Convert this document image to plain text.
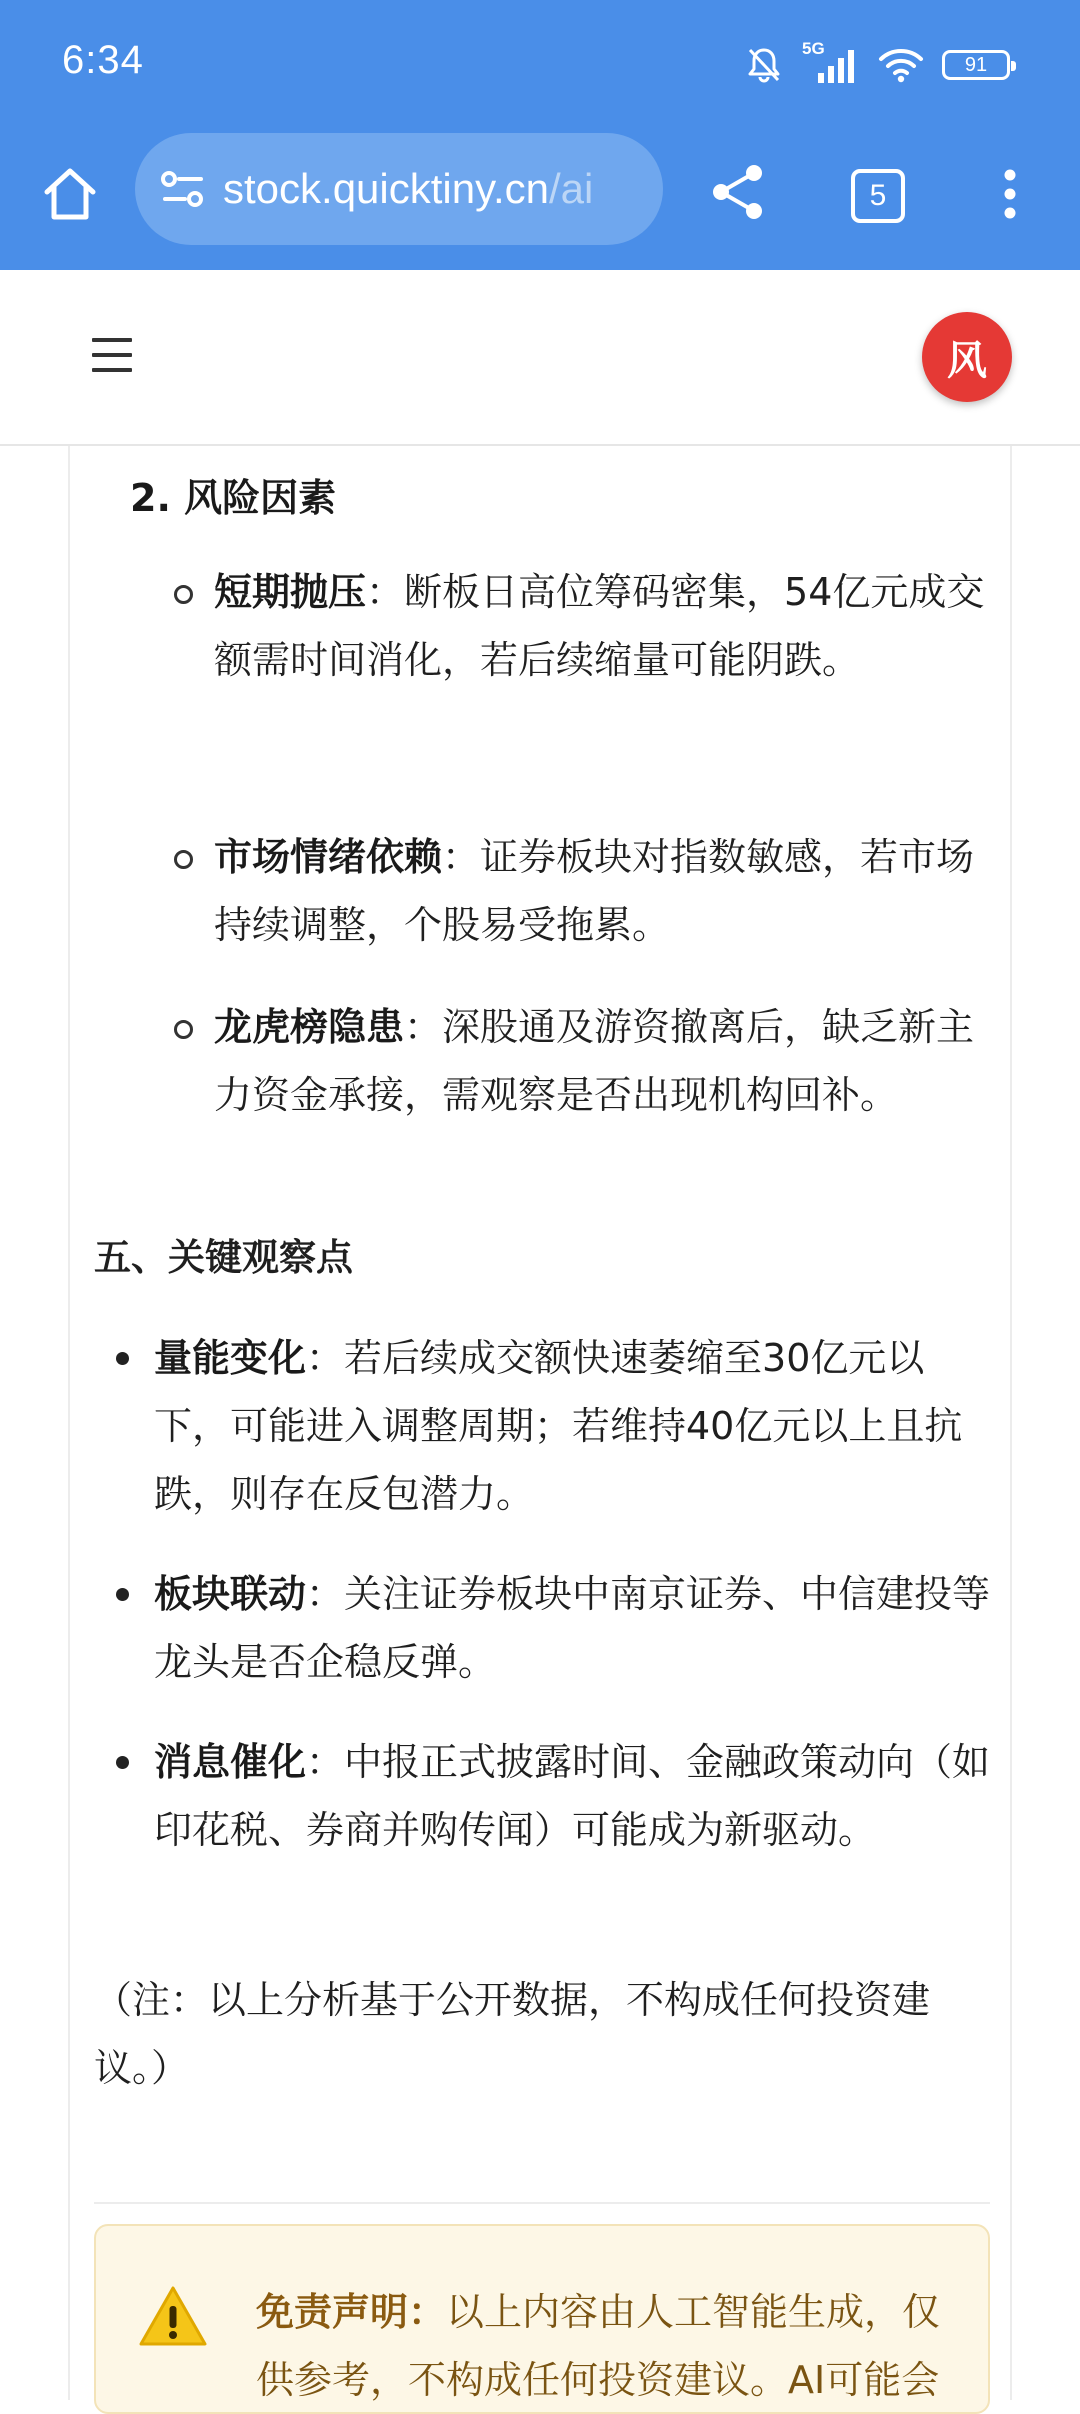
6:34	5G
91
stock.quicktiny.cn/ai	5
风
2. 风险因素
短期抛压：断板日高位筹码密集，54亿元成交额需时间消化，若后续缩量可能阴跌。
市场情绪依赖：证券板块对指数敏感，若市场持续调整，个股易受拖累。
龙虎榜隐患：深股通及游资撤离后，缺乏新主力资金承接，需观察是否出现机构回补。
五、关键观察点
量能变化：若后续成交额快速萎缩至30亿元以下，可能进入调整周期；若维持40亿元以上且抗跌，则存在反包潜力。
板块联动：关注证券板块中南京证券、中信建投等龙头是否企稳反弹。
消息催化：中报正式披露时间、金融政策动向（如印花税、券商并购传闻）可能成为新驱动。
（注：以上分析基于公开数据，不构成任何投资建议。）
免责声明：以上内容由人工智能生成，仅供参考，不构成任何投资建议。AI可能会
